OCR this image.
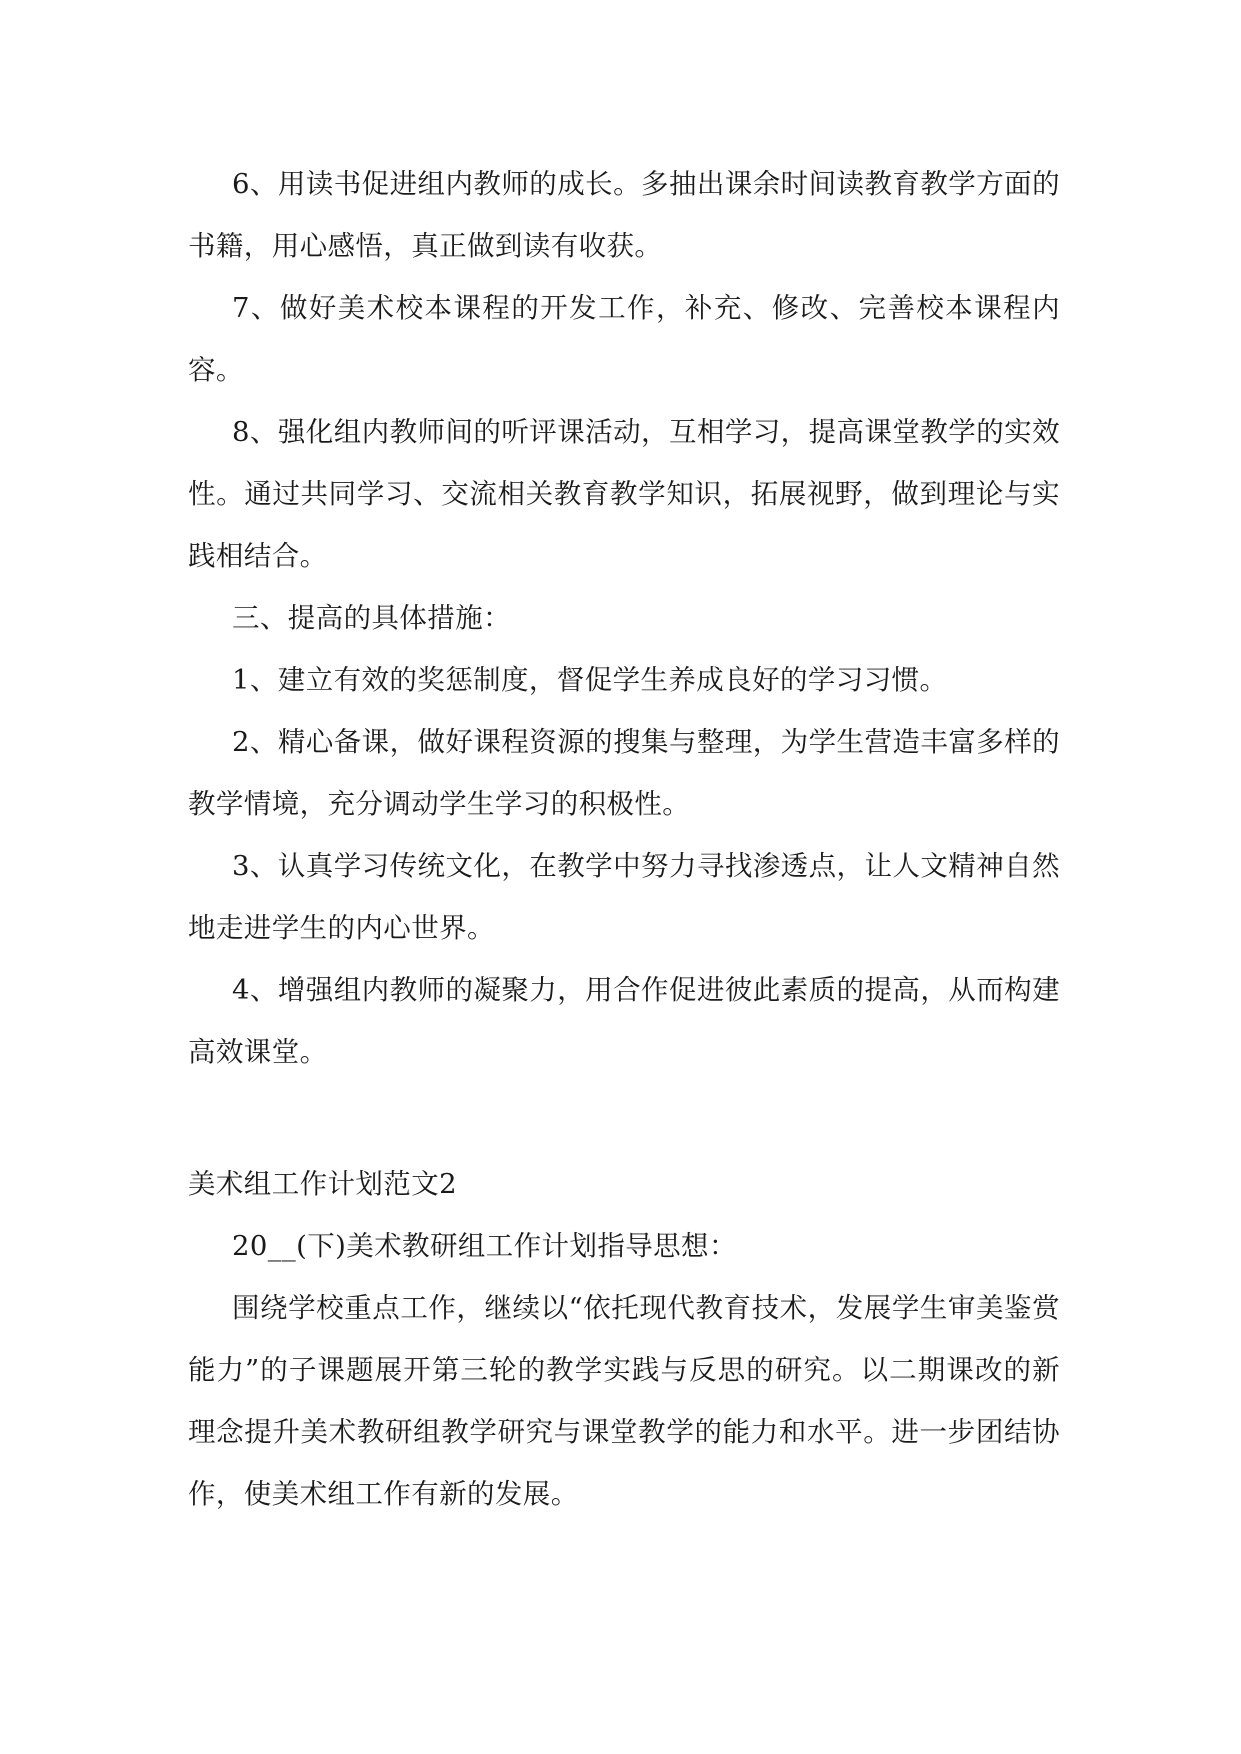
6、用读书促进组内教师的成长。多抽出课余时间读教育教学方面的书籍，用心感悟，真正做到读有收获。

7、做好美术校本课程的开发工作，补充、修改、完善校本课程内容。

8、强化组内教师间的听评课活动，互相学习，提高课堂教学的实效性。通过共同学习、交流相关教育教学知识，拓展视野，做到理论与实践相结合。

三、提高的具体措施：

1、建立有效的奖惩制度，督促学生养成良好的学习习惯。

2、精心备课，做好课程资源的搜集与整理，为学生营造丰富多样的教学情境，充分调动学生学习的积极性。

3、认真学习传统文化，在教学中努力寻找渗透点，让人文精神自然地走进学生的内心世界。

4、增强组内教师的凝聚力，用合作促进彼此素质的提高，从而构建高效课堂。

美术组工作计划范文2

20__(下)美术教研组工作计划指导思想：

围绕学校重点工作，继续以“依托现代教育技术，发展学生审美鉴赏能力”的子课题展开第三轮的教学实践与反思的研究。以二期课改的新理念提升美术教研组教学研究与课堂教学的能力和水平。进一步团结协作，使美术组工作有新的发展。
